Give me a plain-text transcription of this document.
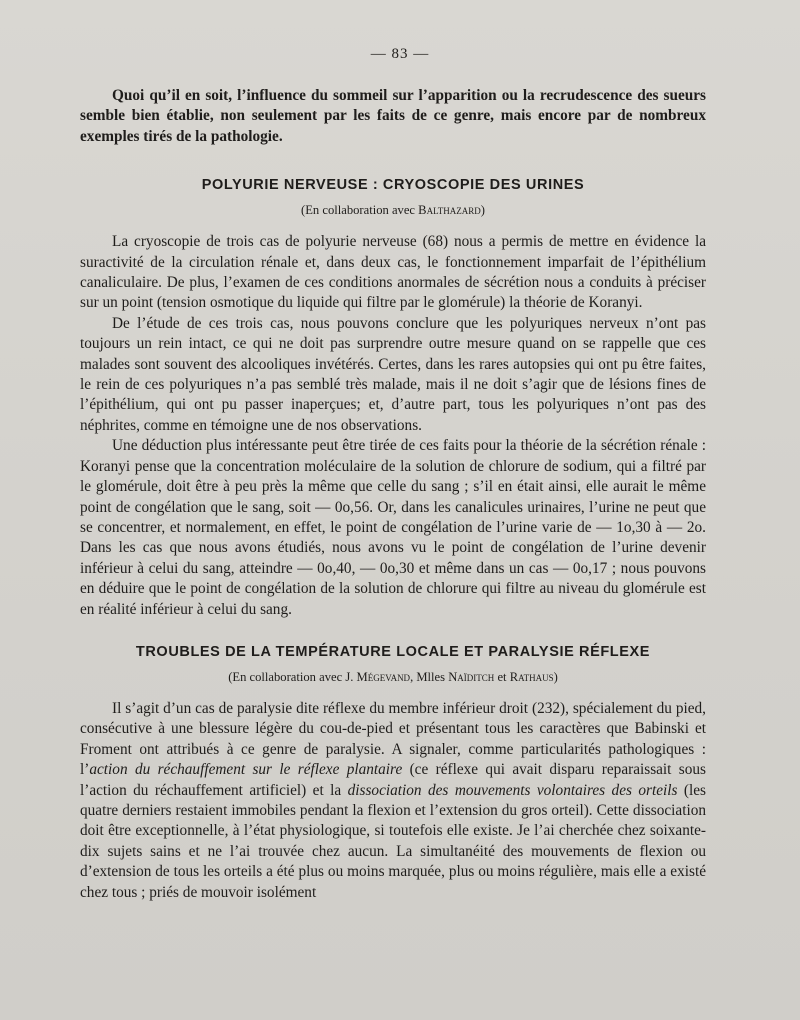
— 83 —

Quoi qu’il en soit, l’influence du sommeil sur l’apparition ou la recrudescence des sueurs semble bien établie, non seulement par les faits de ce genre, mais encore par de nombreux exemples tirés de la pathologie.

POLYURIE NERVEUSE : CRYOSCOPIE DES URINES

(En collaboration avec Balthazard)

La cryoscopie de trois cas de polyurie nerveuse (68) nous a permis de mettre en évidence la suractivité de la circulation rénale et, dans deux cas, le fonctionnement imparfait de l’épithélium canaliculaire. De plus, l’examen de ces conditions anormales de sécrétion nous a conduits à préciser sur un point (tension osmotique du liquide qui filtre par le glomérule) la théorie de Koranyi.

De l’étude de ces trois cas, nous pouvons conclure que les polyuriques nerveux n’ont pas toujours un rein intact, ce qui ne doit pas surprendre outre mesure quand on se rappelle que ces malades sont souvent des alcooliques invétérés. Certes, dans les rares autopsies qui ont pu être faites, le rein de ces polyuriques n’a pas semblé très malade, mais il ne doit s’agir que de lésions fines de l’épithélium, qui ont pu passer inaperçues; et, d’autre part, tous les polyuriques n’ont pas des néphrites, comme en témoigne une de nos observations.

Une déduction plus intéressante peut être tirée de ces faits pour la théorie de la sécrétion rénale : Koranyi pense que la concentration moléculaire de la solution de chlorure de sodium, qui a filtré par le glomérule, doit être à peu près la même que celle du sang ; s’il en était ainsi, elle aurait le même point de congélation que le sang, soit — 0o,56. Or, dans les canalicules urinaires, l’urine ne peut que se concentrer, et normalement, en effet, le point de congélation de l’urine varie de — 1o,30 à — 2o. Dans les cas que nous avons étudiés, nous avons vu le point de congélation de l’urine devenir inférieur à celui du sang, atteindre — 0o,40, — 0o,30 et même dans un cas — 0o,17 ; nous pouvons en déduire que le point de congélation de la solution de chlorure qui filtre au niveau du glomérule est en réalité inférieur à celui du sang.

TROUBLES DE LA TEMPÉRATURE LOCALE ET PARALYSIE RÉFLEXE

(En collaboration avec J. Mégevand, Mlles Naïditch et Rathaus)

Il s’agit d’un cas de paralysie dite réflexe du membre inférieur droit (232), spécialement du pied, consécutive à une blessure légère du cou-de-pied et présentant tous les caractères que Babinski et Froment ont attribués à ce genre de paralysie. A signaler, comme particularités pathologiques : l’action du réchauffement sur le réflexe plantaire (ce réflexe qui avait disparu reparaissait sous l’action du réchauffement artificiel) et la dissociation des mouvements volontaires des orteils (les quatre derniers restaient immobiles pendant la flexion et l’extension du gros orteil). Cette dissociation doit être exceptionnelle, à l’état physiologique, si toutefois elle existe. Je l’ai cherchée chez soixante-dix sujets sains et ne l’ai trouvée chez aucun. La simultanéité des mouvements de flexion ou d’extension de tous les orteils a été plus ou moins marquée, plus ou moins régulière, mais elle a existé chez tous ; priés de mouvoir isolément
